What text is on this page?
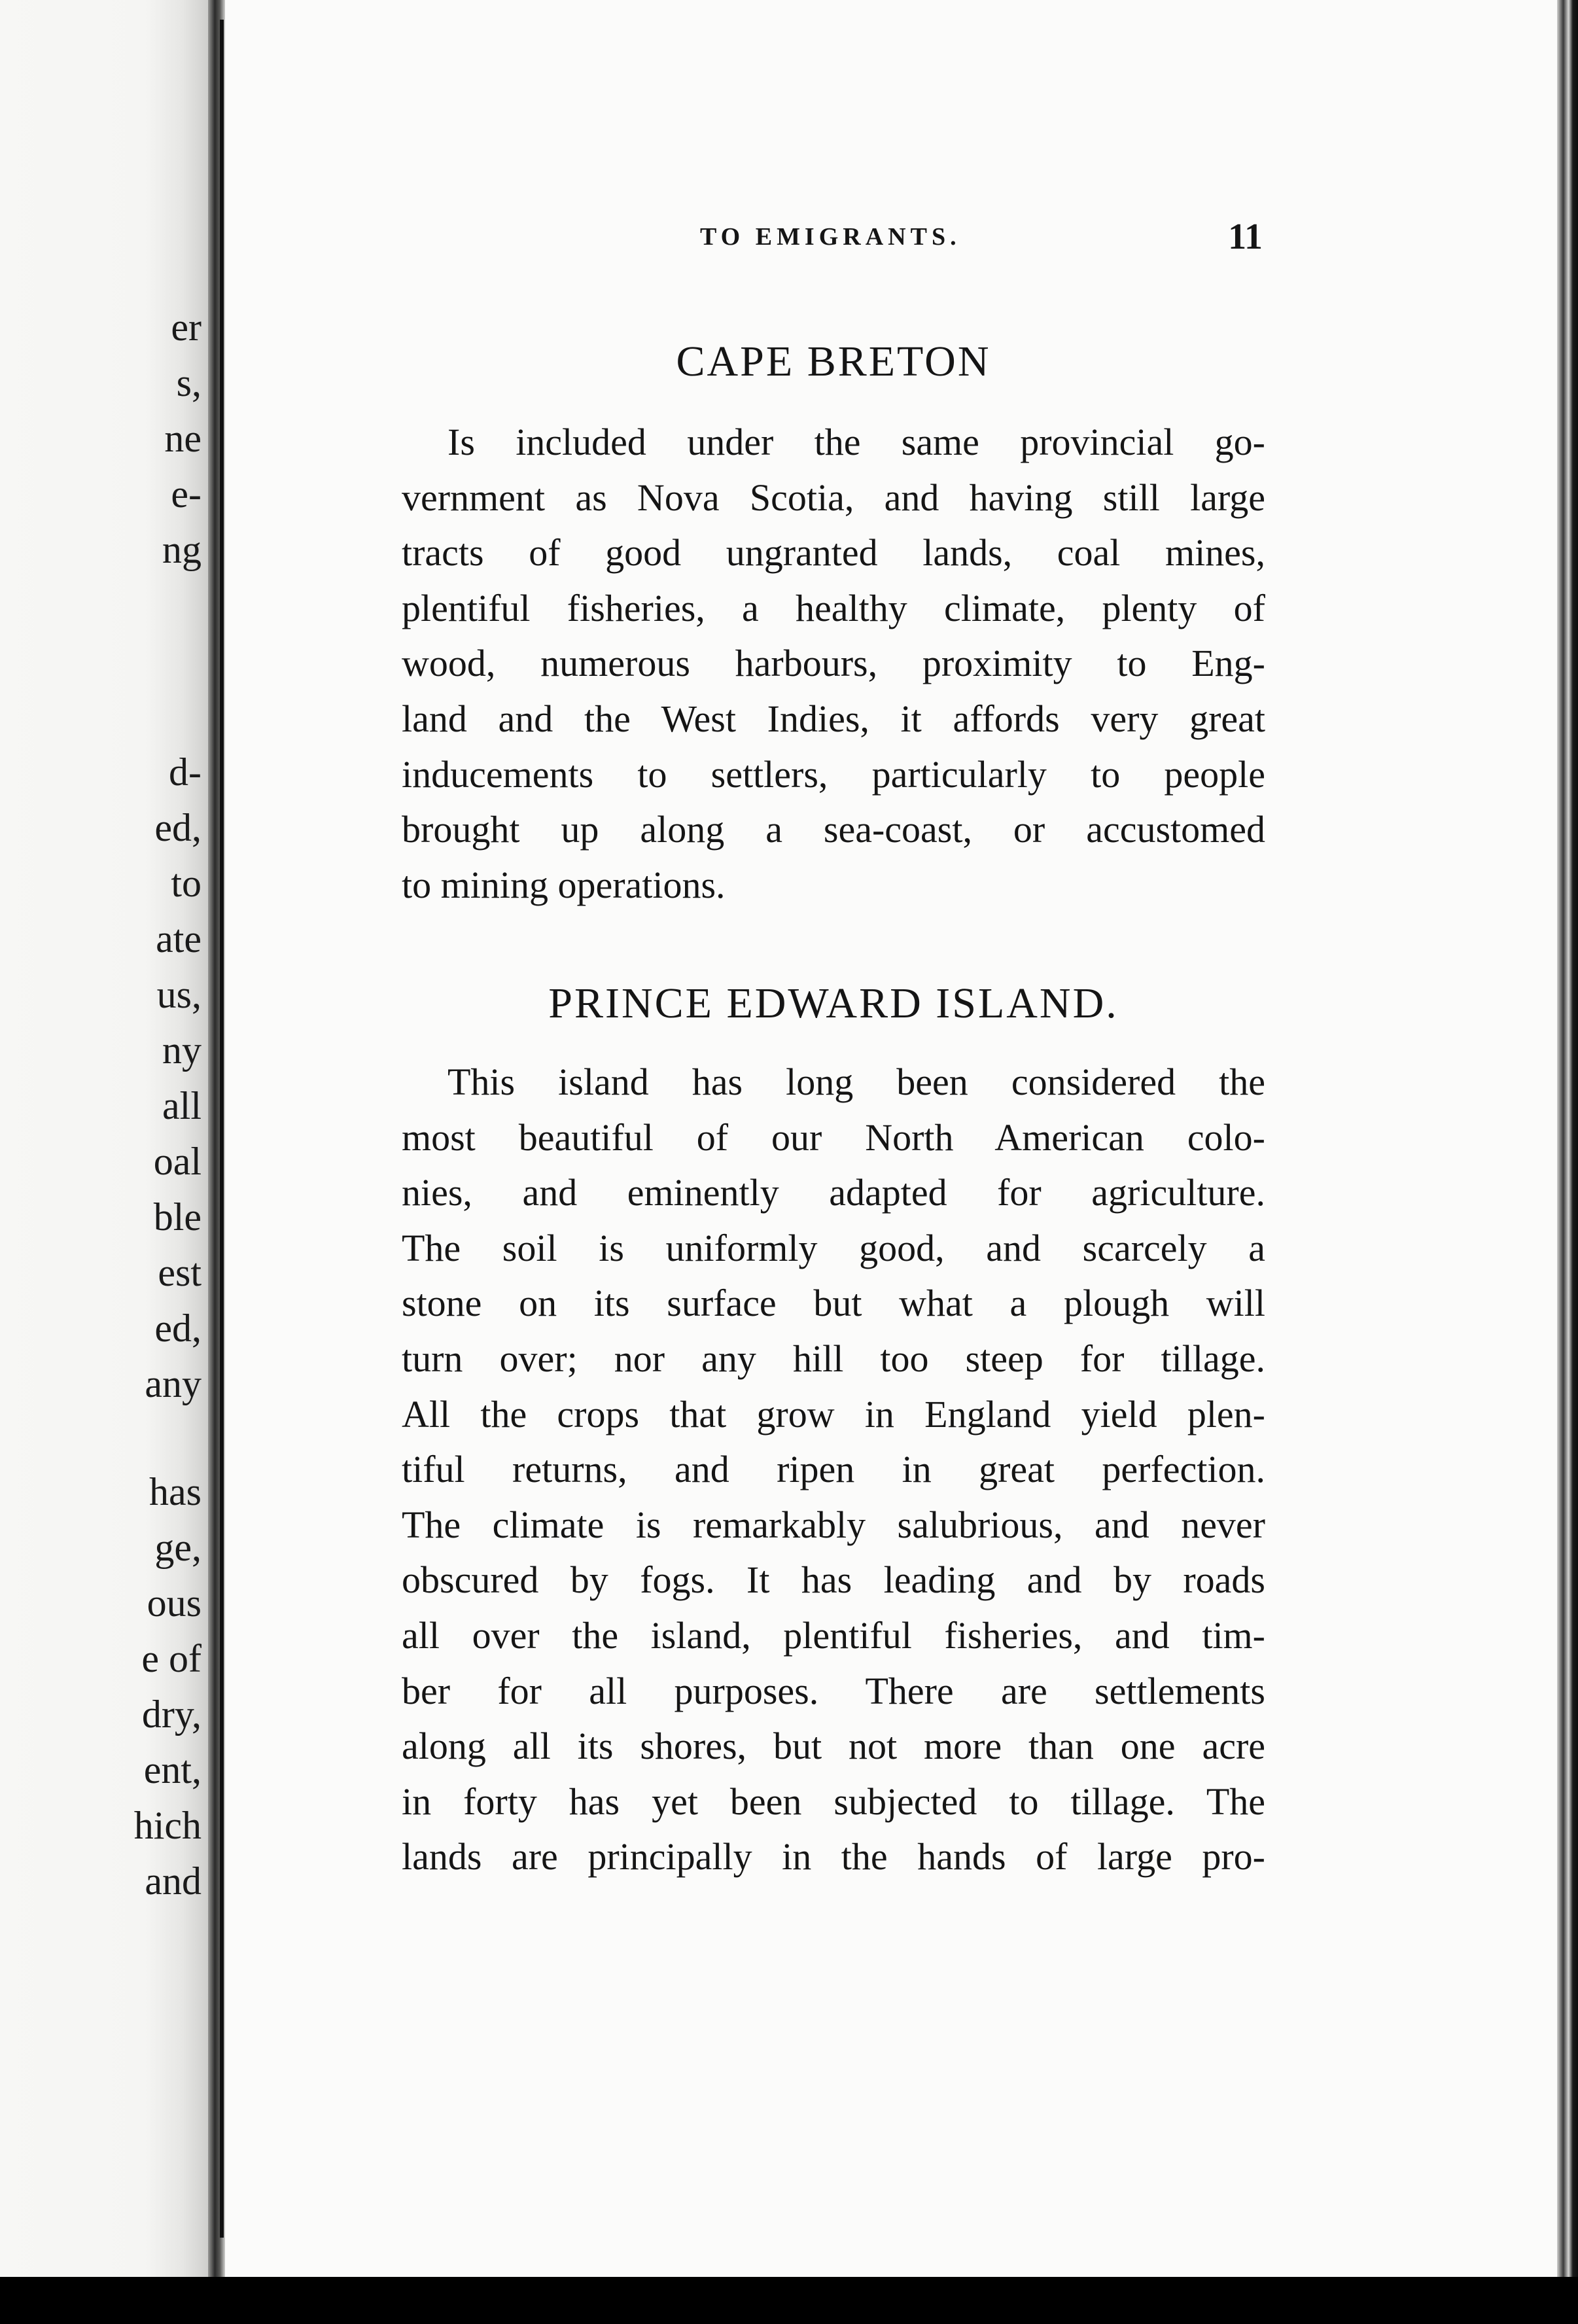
er

s,

ne

e-

ng

d-

ed,

to

ate

us,

ny

all

oal

ble

est

ed,

any

has

ge,

ous

e of

dry,

ent,

hich

and

TO EMIGRANTS.	11

CAPE BRETON

Is included under the same provincial go-

vernment as Nova Scotia, and having still large

tracts of good ungranted lands, coal mines,

plentiful fisheries, a healthy climate, plenty of

wood, numerous harbours, proximity to Eng-

land and the West Indies, it affords very great

inducements to settlers, particularly to people

brought up along a sea-coast, or accustomed

to mining operations.

PRINCE EDWARD ISLAND.

This island has long been considered the

most beautiful of our North American colo-

nies, and eminently adapted for agriculture.

The soil is uniformly good, and scarcely a

stone on its surface but what a plough will

turn over; nor any hill too steep for tillage.

All the crops that grow in England yield plen-

tiful returns, and ripen in great perfection.

The climate is remarkably salubrious, and never

obscured by fogs. It has leading and by roads

all over the island, plentiful fisheries, and tim-

ber for all purposes. There are settlements

along all its shores, but not more than one acre

in forty has yet been subjected to tillage. The

lands are principally in the hands of large pro-
